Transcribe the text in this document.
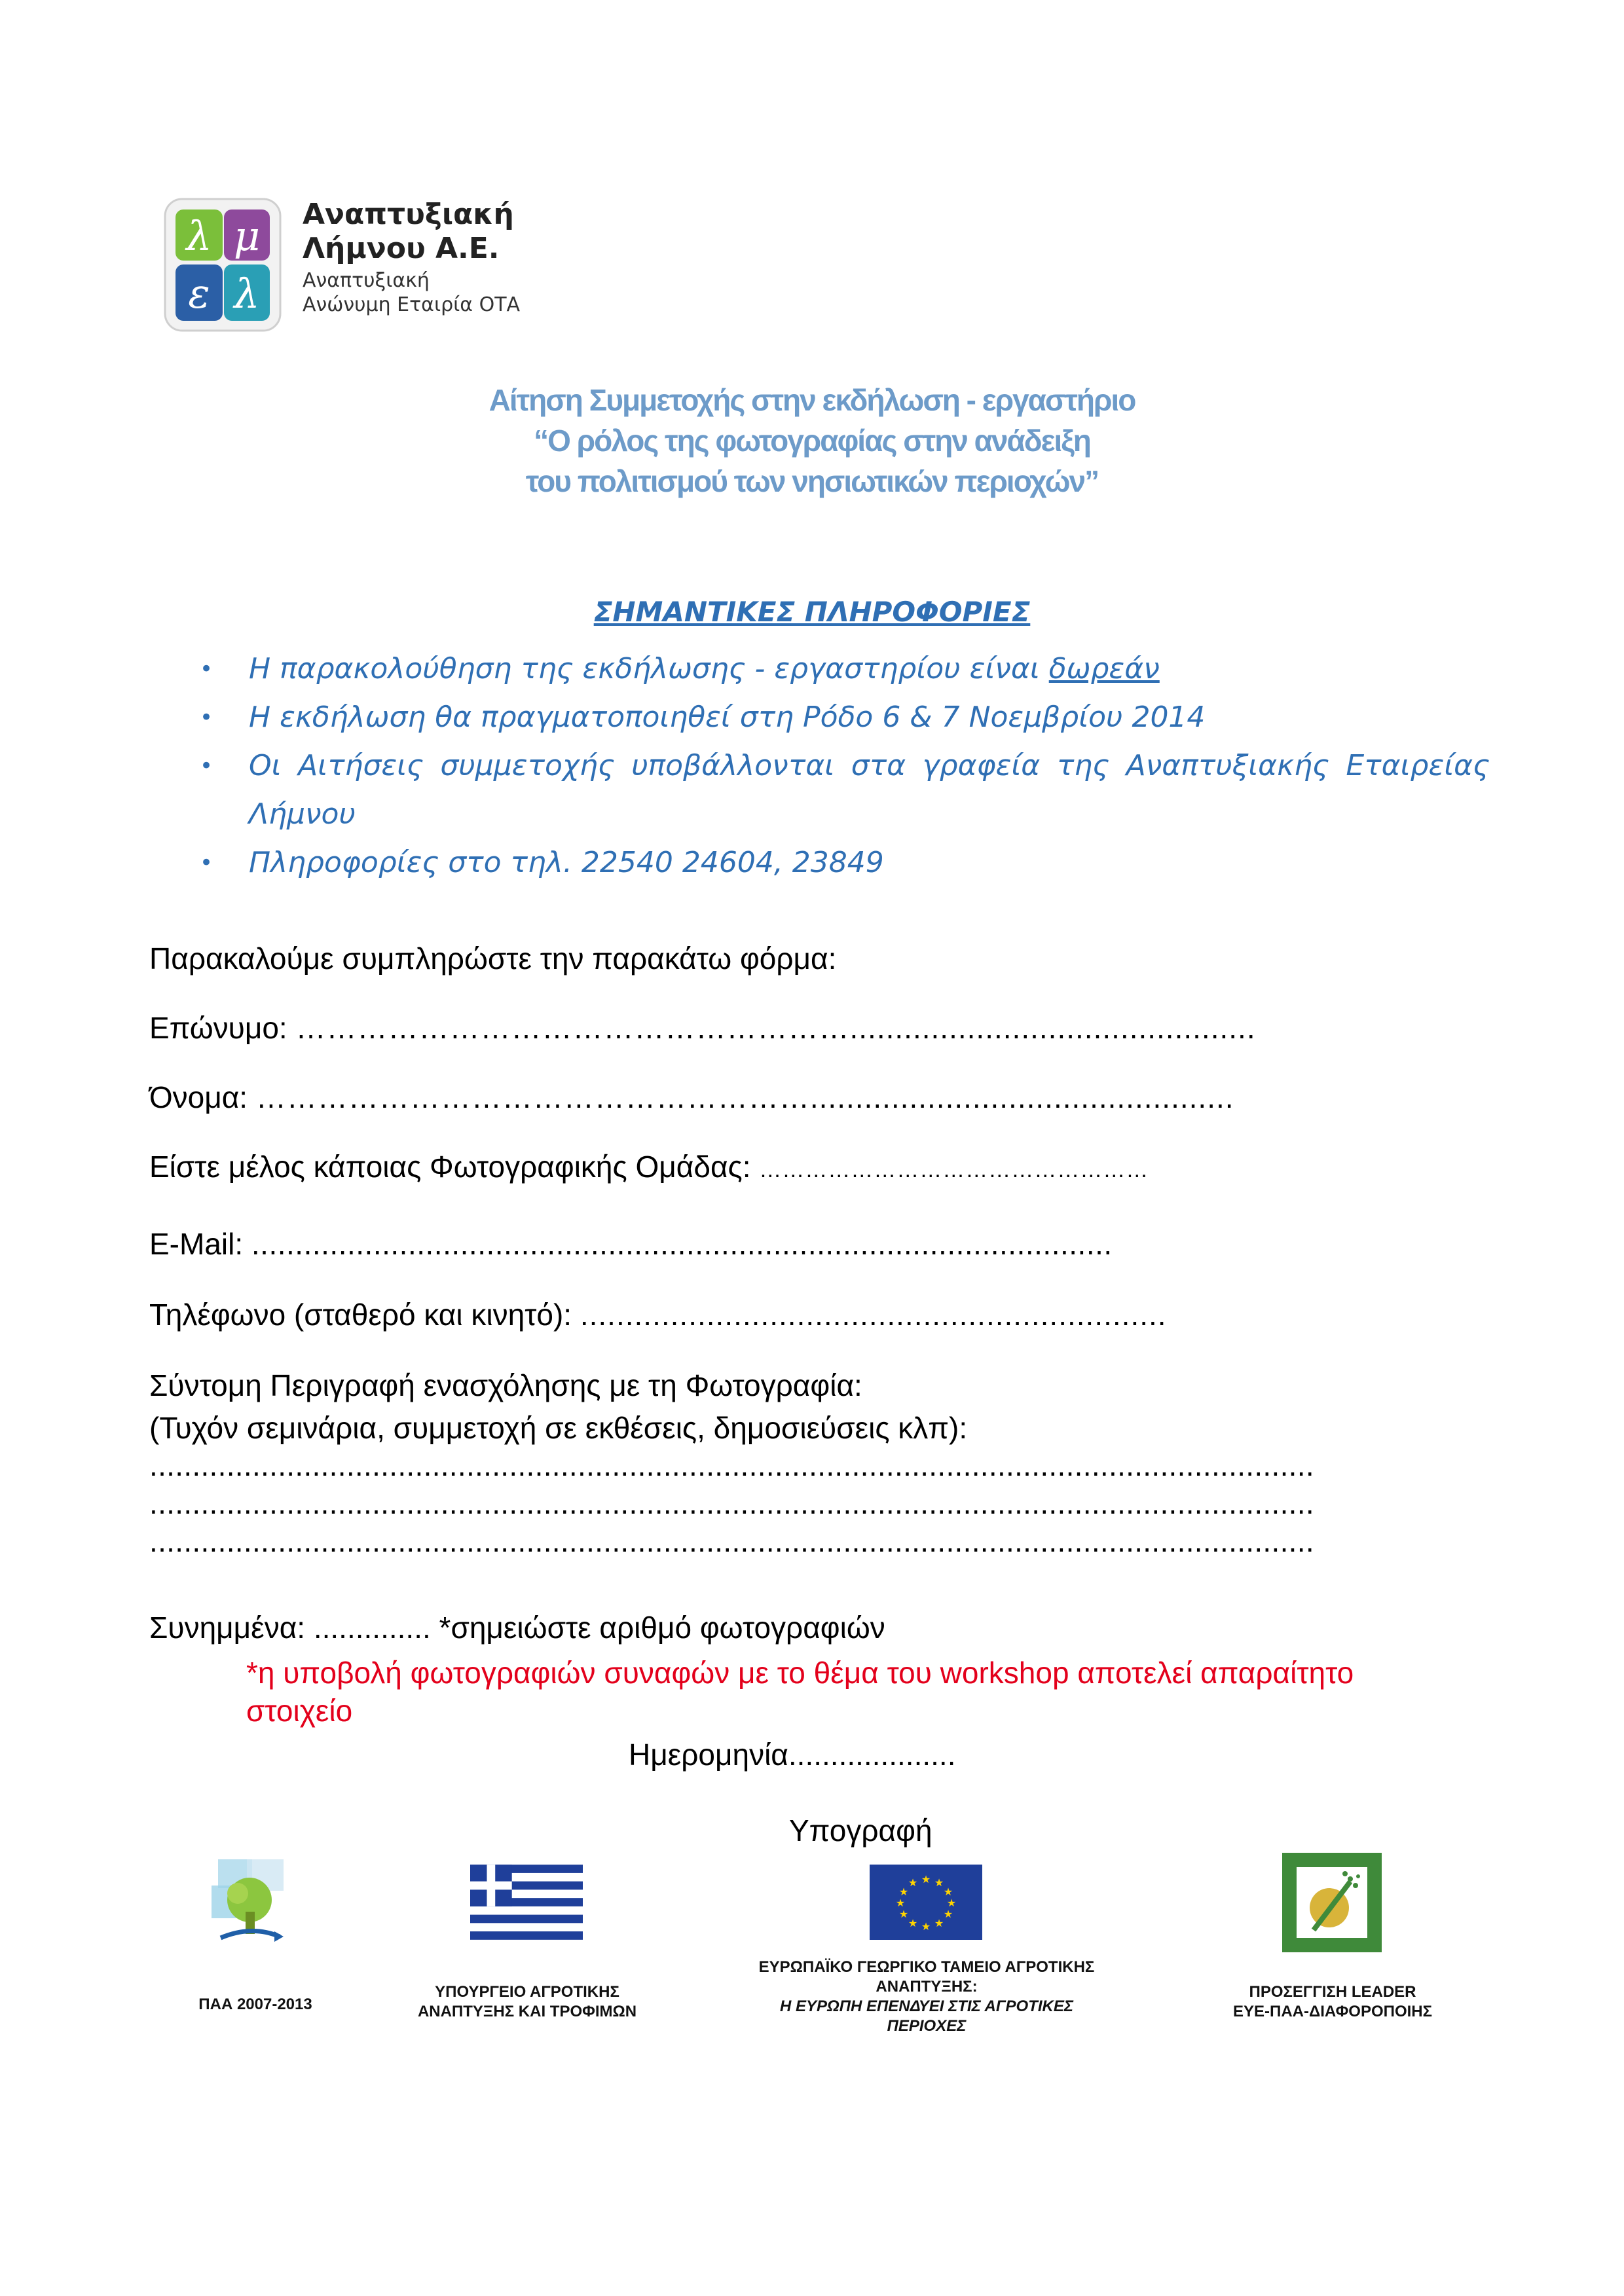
λ μ
ε λ
Αναπτυξιακή
Λήμνου Α.Ε.
Αναπτυξιακή
Ανώνυμη Εταιρία ΟΤΑ
Αίτηση Συμμετοχής στην εκδήλωση - εργαστήριο
“Ο ρόλος της φωτογραφίας στην ανάδειξη
του πολιτισμού των νησιωτικών περιοχών”
ΣΗΜΑΝΤΙΚΕΣ ΠΛΗΡΟΦΟΡΙΕΣ
• Η παρακολούθηση της εκδήλωσης - εργαστηρίου είναι δωρεάν
• Η εκδήλωση θα πραγματοποιηθεί στη Ρόδο 6 & 7 Νοεμβρίου 2014
• Οι Αιτήσεις συμμετοχής υποβάλλονται στα γραφεία της Αναπτυξιακής Εταιρείας
Λήμνου
• Πληροφορίες στο τηλ. 22540 24604, 23849
Παρακαλούμε συμπληρώστε την παρακάτω φόρμα:
Επώνυμο: ……………………………………………….............................................
Όνομα: ………………………………………………...............................................
Είστε μέλος κάποιας Φωτογραφικής Ομάδας: ……………………………………………
E-Mail: ...................................................................................................
Τηλέφωνο (σταθερό και κινητό): .................................................................
Σύντομη Περιγραφή ενασχόλησης με τη Φωτογραφία:
(Τυχόν σεμινάρια, συμμετοχή σε εκθέσεις, δημοσιεύσεις κλπ):
........................................................................................................................................
........................................................................................................................................
........................................................................................................................................
Συνημμένα: .............. *σημειώστε αριθμό φωτογραφιών
*η υποβολή φωτογραφιών συναφών με το θέμα του workshop αποτελεί απαραίτητο
στοιχείο
Ημερομηνία....................
Υπογραφή
ΠΑΑ 2007-2013
ΥΠΟΥΡΓΕΙΟ ΑΓΡΟΤΙΚΗΣ
ΑΝΑΠΤΥΞΗΣ ΚΑΙ ΤΡΟΦΙΜΩΝ
★ ★
★
★
★
★
★
★
★
★
★
★
ΕΥΡΩΠΑΪΚΟ ΓΕΩΡΓΙΚΟ ΤΑΜΕΙΟ ΑΓΡΟΤΙΚΗΣ
ΑΝΑΠΤΥΞΗΣ:
Η ΕΥΡΩΠΗ ΕΠΕΝΔΥΕΙ ΣΤΙΣ ΑΓΡΟΤΙΚΕΣ
ΠΕΡΙΟΧΕΣ
ΠΡΟΣΕΓΓΙΣΗ LEADER
ΕΥΕ-ΠΑΑ-ΔΙΑΦΟΡΟΠΟΙΗΣ
